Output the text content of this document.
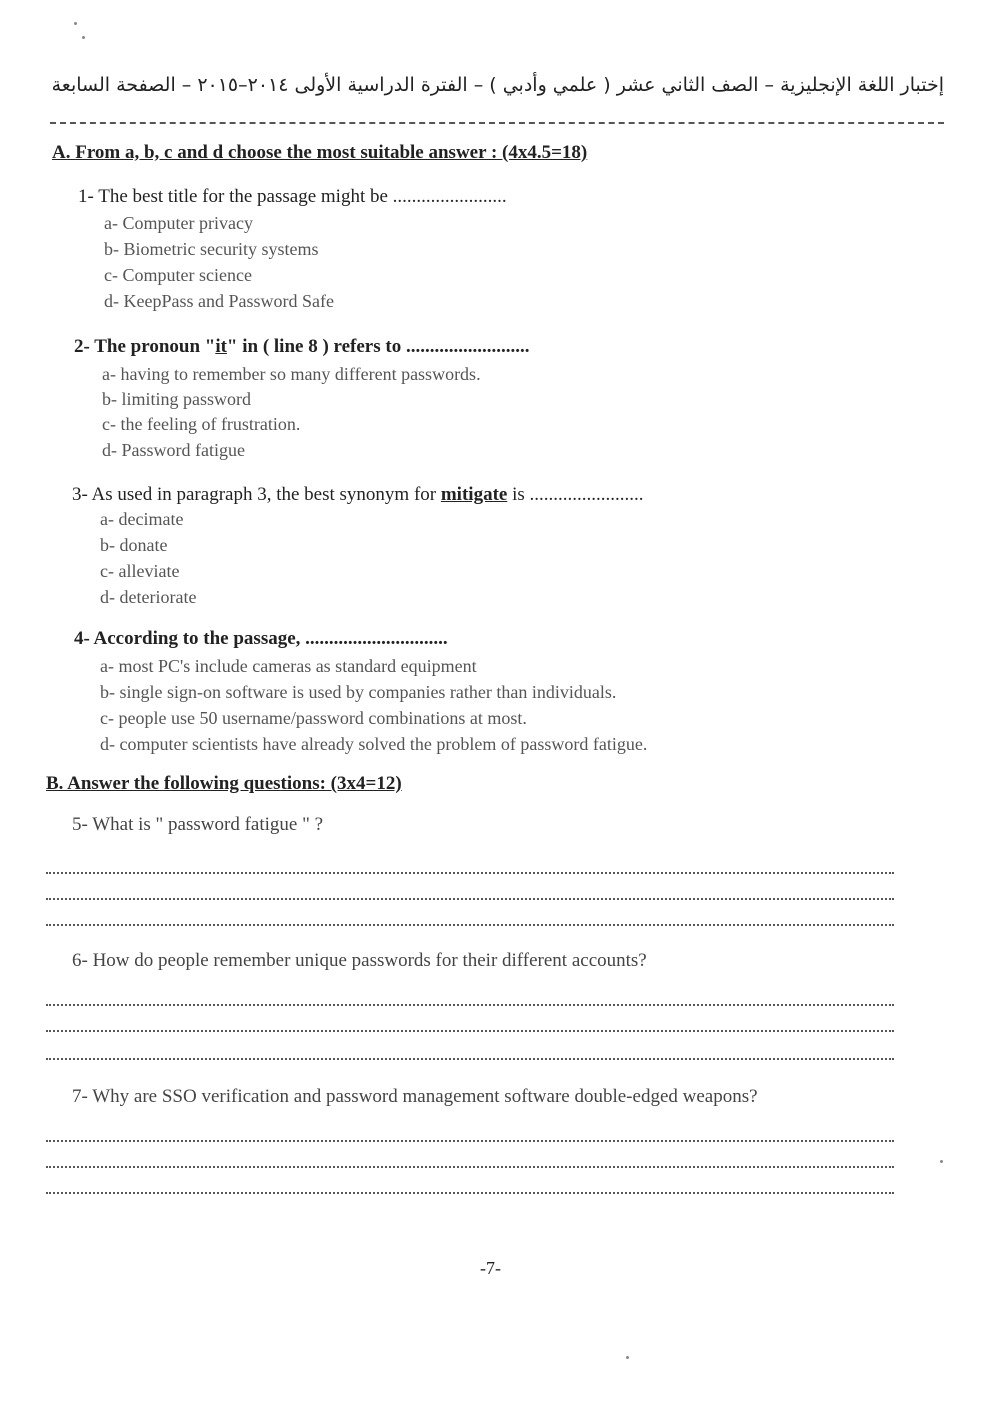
إختبار اللغة الإنجليزية – الصف الثاني عشر ( علمي وأدبي ) – الفترة الدراسية الأولى ٢٠١٤–٢٠١٥ – الصفحة السابعة
A. From a, b, c and d choose the most suitable answer : (4x4.5=18)
1- The best title for the passage might be ........................
a- Computer privacy
b- Biometric security systems
c- Computer science
d- KeepPass and Password Safe
2- The pronoun "it" in ( line 8 ) refers to ..........................
a- having to remember so many different passwords.
b- limiting password
c- the feeling of frustration.
d- Password fatigue
3- As used in paragraph 3, the best synonym for mitigate is ........................
a- decimate
b- donate
c- alleviate
d- deteriorate
4- According to the passage, ..............................
a- most PC's include cameras as standard equipment
b- single sign-on software is used by companies rather than individuals.
c- people use 50 username/password combinations at most.
d- computer scientists have already solved the problem of password fatigue.
B. Answer the following questions: (3x4=12)
5- What is " password fatigue " ?
6- How do people remember unique passwords for their different accounts?
7- Why are SSO verification and password management software double-edged weapons?
-7-
